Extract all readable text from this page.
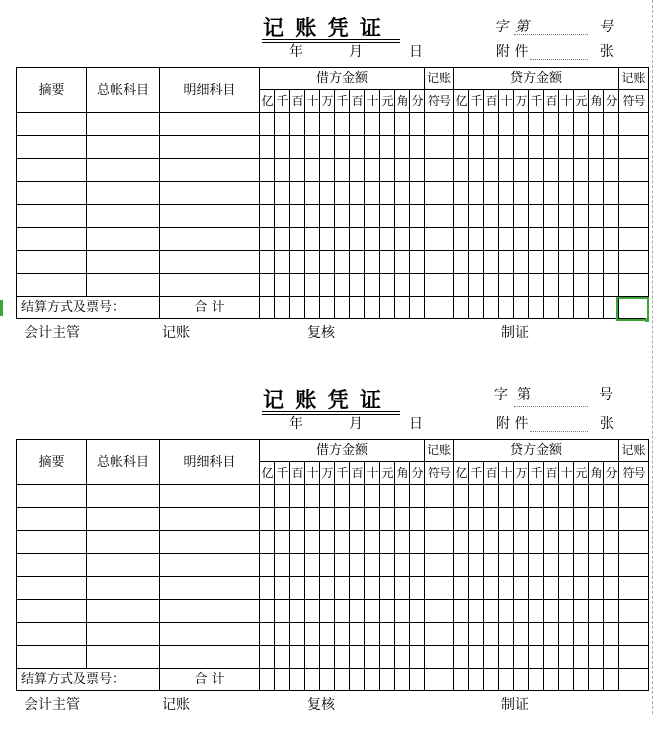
记 账 凭 证	字 第	号
年	月	日	附 件	张
摘要	总帐科目	明细科目	借方金额											记账	贷方金额											记账
			亿	千	百	十	万	千	百	十	元	角	分	符号	亿	千	百	十	万	千	百	十	元	角	分	符号

结算方式及票号：		合 计																								
会计主管	记账	复核	制证
记 账 凭 证	字 第	号
年	月	日	附 件	张
摘要	总帐科目	明细科目	借方金额											记账	贷方金额											记账
			亿	千	百	十	万	千	百	十	元	角	分	符号	亿	千	百	十	万	千	百	十	元	角	分	符号

结算方式及票号：		合 计																								
会计主管	记账	复核	制证
